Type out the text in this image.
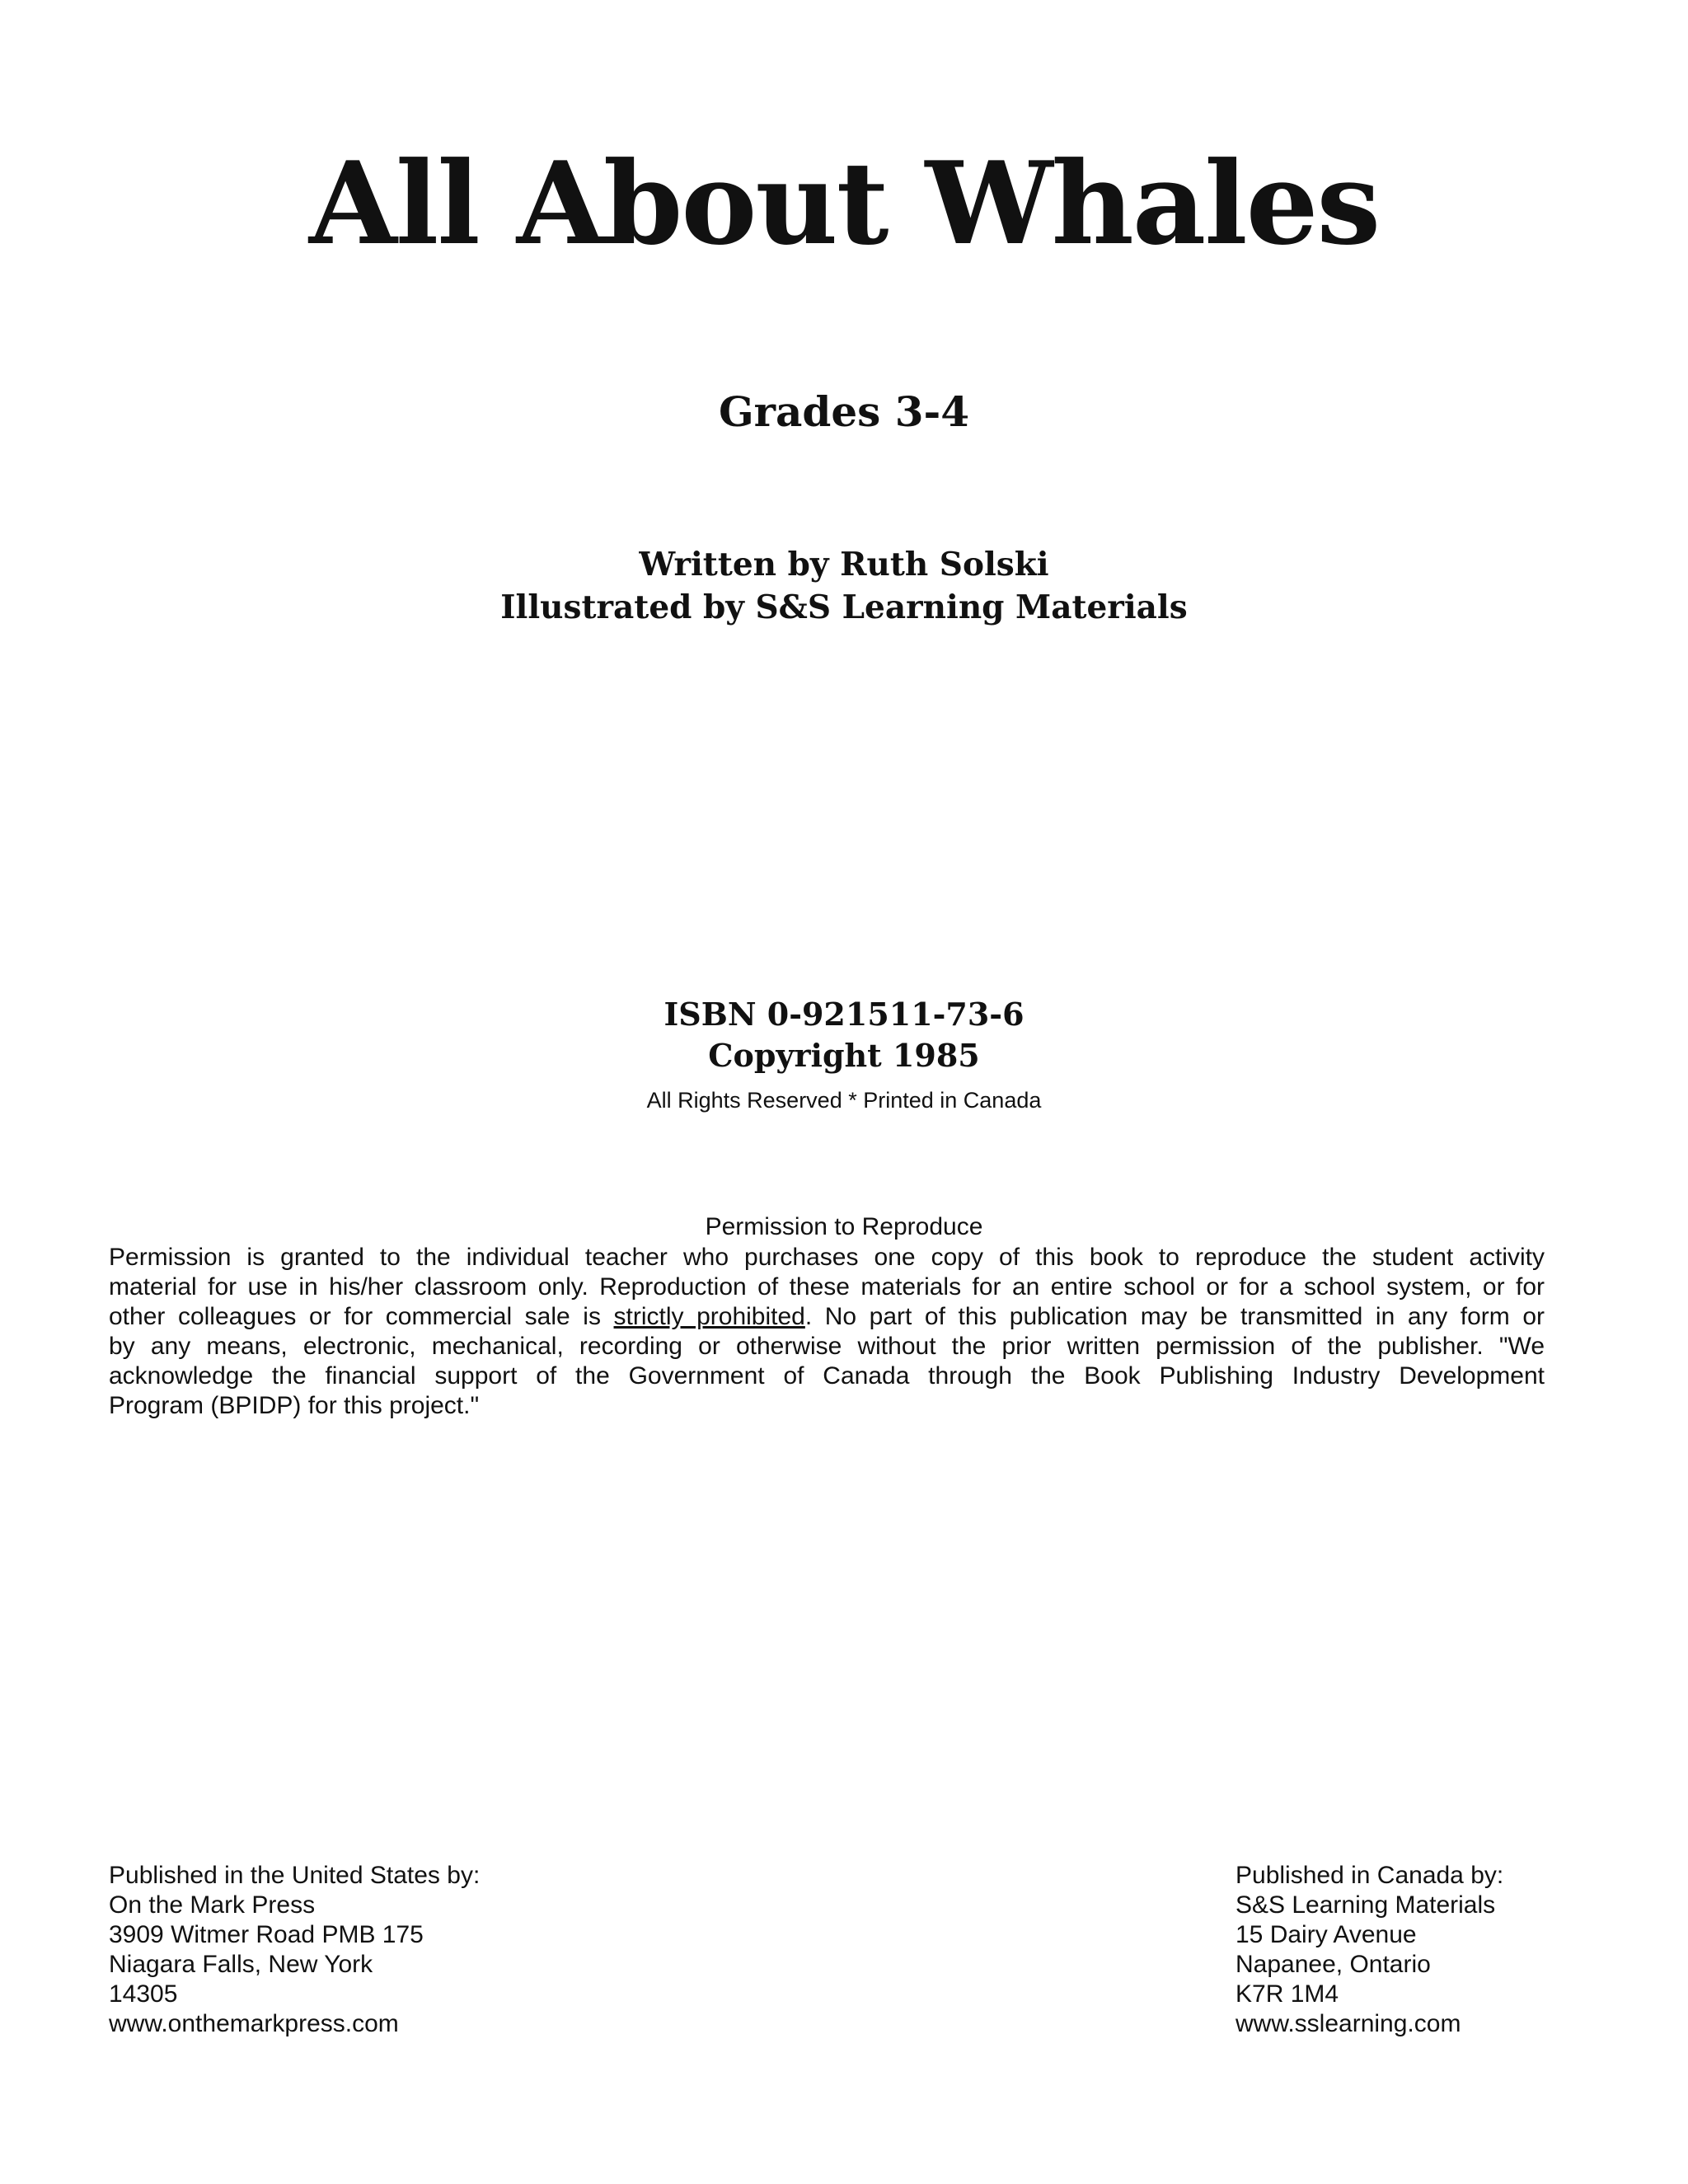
All About Whales
Grades 3-4
Written by Ruth Solski
Illustrated by S&S Learning Materials
ISBN 0-921511-73-6
Copyright 1985
All Rights Reserved * Printed in Canada
Permission to Reproduce
Permission is granted to the individual teacher who purchases one copy of this book to reproduce the student activity
material for use in his/her classroom only. Reproduction of these materials for an entire school or for a school system, or for
other colleagues or for commercial sale is strictly prohibited. No part of this publication may be transmitted in any form or
by any means, electronic, mechanical, recording or otherwise without the prior written permission of the publisher. "We
acknowledge the financial support of the Government of Canada through the Book Publishing Industry Development
Program (BPIDP) for this project."
Published in the United States by:
On the Mark Press
3909 Witmer Road PMB 175
Niagara Falls, New York
14305
www.onthemarkpress.com
Published in Canada by:
S&S Learning Materials
15 Dairy Avenue
Napanee, Ontario
K7R 1M4
www.sslearning.com
